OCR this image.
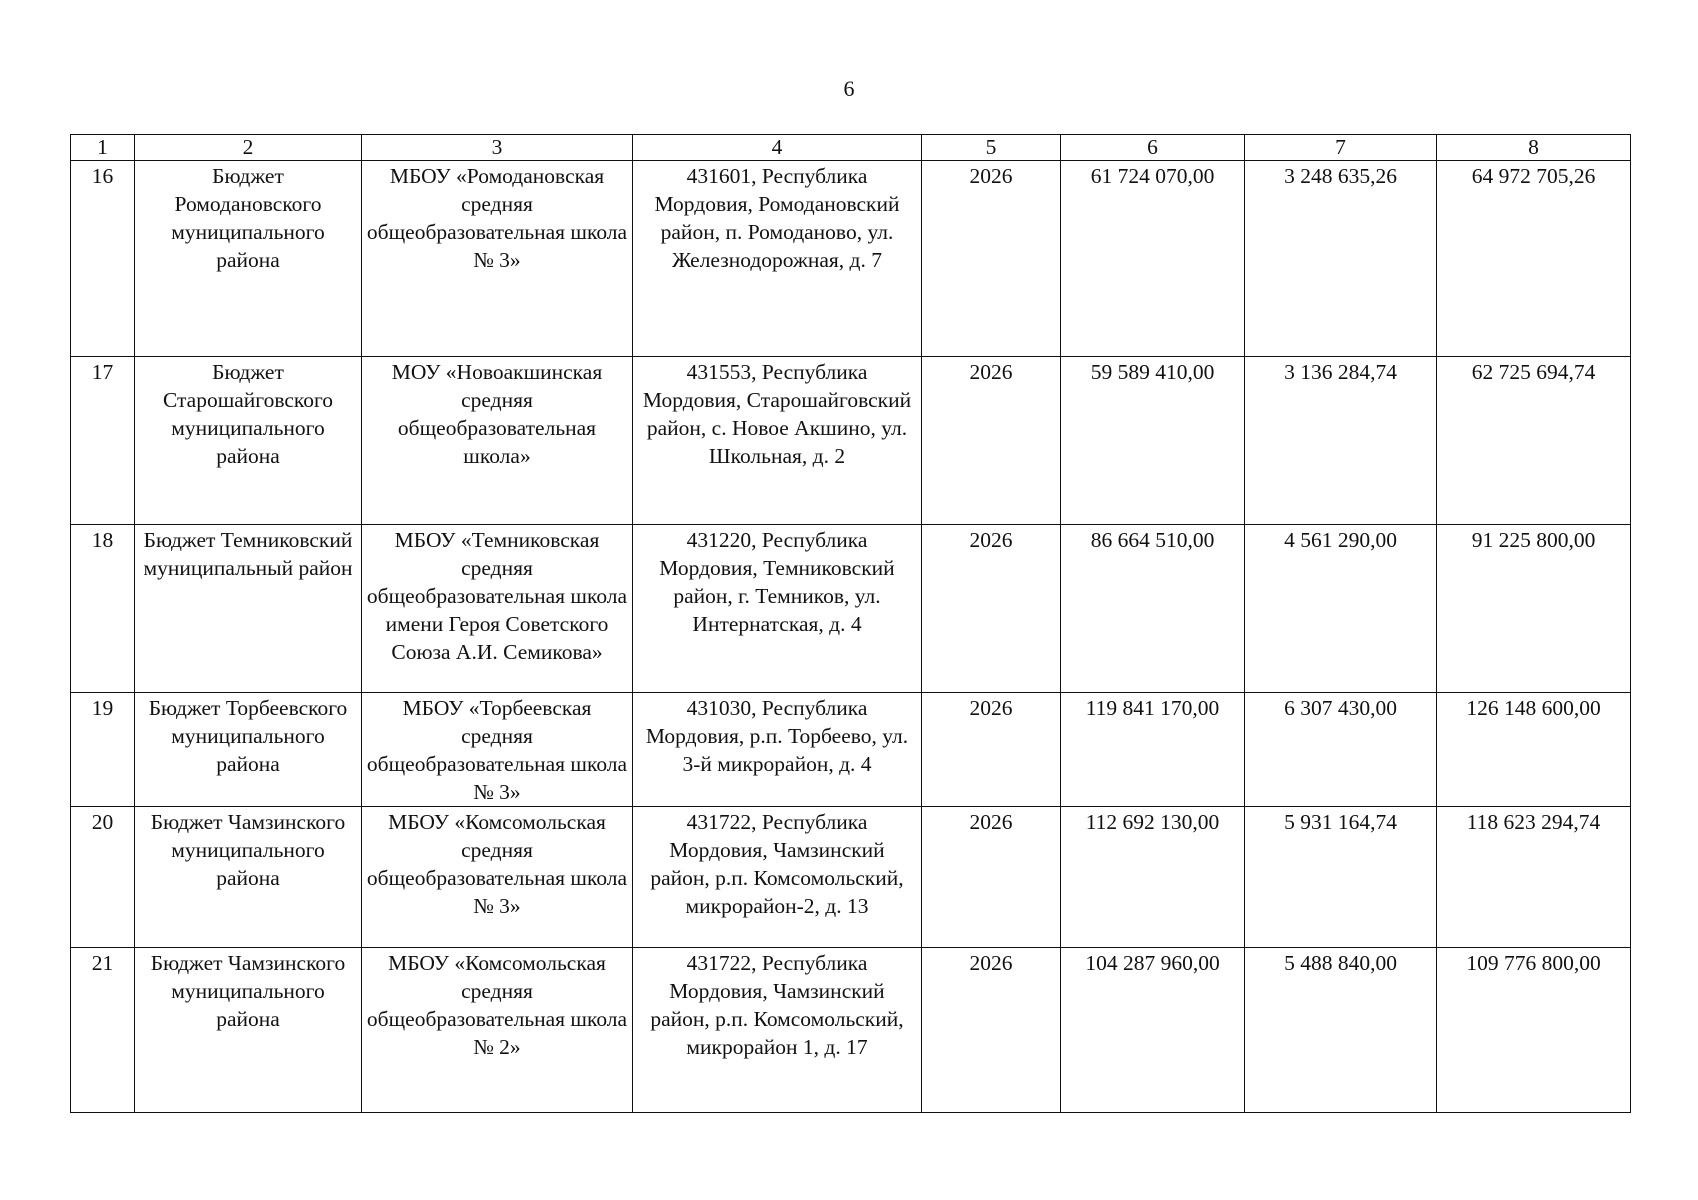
6
1	2	3	4	5	6	7	8
16	Бюджет Ромодановского муниципального района	МБОУ «Ромодановская средняя общеобразовательная школа № 3»	431601, Республика Мордовия, Ромодановский район, п. Ромоданово, ул. Железнодорожная, д. 7	2026	61 724 070,00	3 248 635,26	64 972 705,26
17	Бюджет Старошайговского муниципального района	МОУ «Новоакшинская средняя общеобразовательная школа»	431553, Республика Мордовия, Старошайговский район, с. Новое Акшино, ул. Школьная, д. 2	2026	59 589 410,00	3 136 284,74	62 725 694,74
18	Бюджет Темниковский муниципальный район	МБОУ «Темниковская средняя общеобразовательная школа имени Героя Советского Союза А.И. Семикова»	431220, Республика Мордовия, Темниковский район, г. Темников, ул. Интернатская, д. 4	2026	86 664 510,00	4 561 290,00	91 225 800,00
19	Бюджет Торбеевского муниципального района	МБОУ «Торбеевская средняя общеобразовательная школа № 3»	431030, Республика Мордовия, р.п. Торбеево, ул. 3-й микрорайон, д. 4	2026	119 841 170,00	6 307 430,00	126 148 600,00
20	Бюджет Чамзинского муниципального района	МБОУ «Комсомольская средняя общеобразовательная школа № 3»	431722, Республика Мордовия, Чамзинский район, р.п. Комсомольский, микрорайон-2, д. 13	2026	112 692 130,00	5 931 164,74	118 623 294,74
21	Бюджет Чамзинского муниципального района	МБОУ «Комсомольская средняя общеобразовательная школа № 2»	431722, Республика Мордовия, Чамзинский район, р.п. Комсомольский, микрорайон 1, д. 17	2026	104 287 960,00	5 488 840,00	109 776 800,00
